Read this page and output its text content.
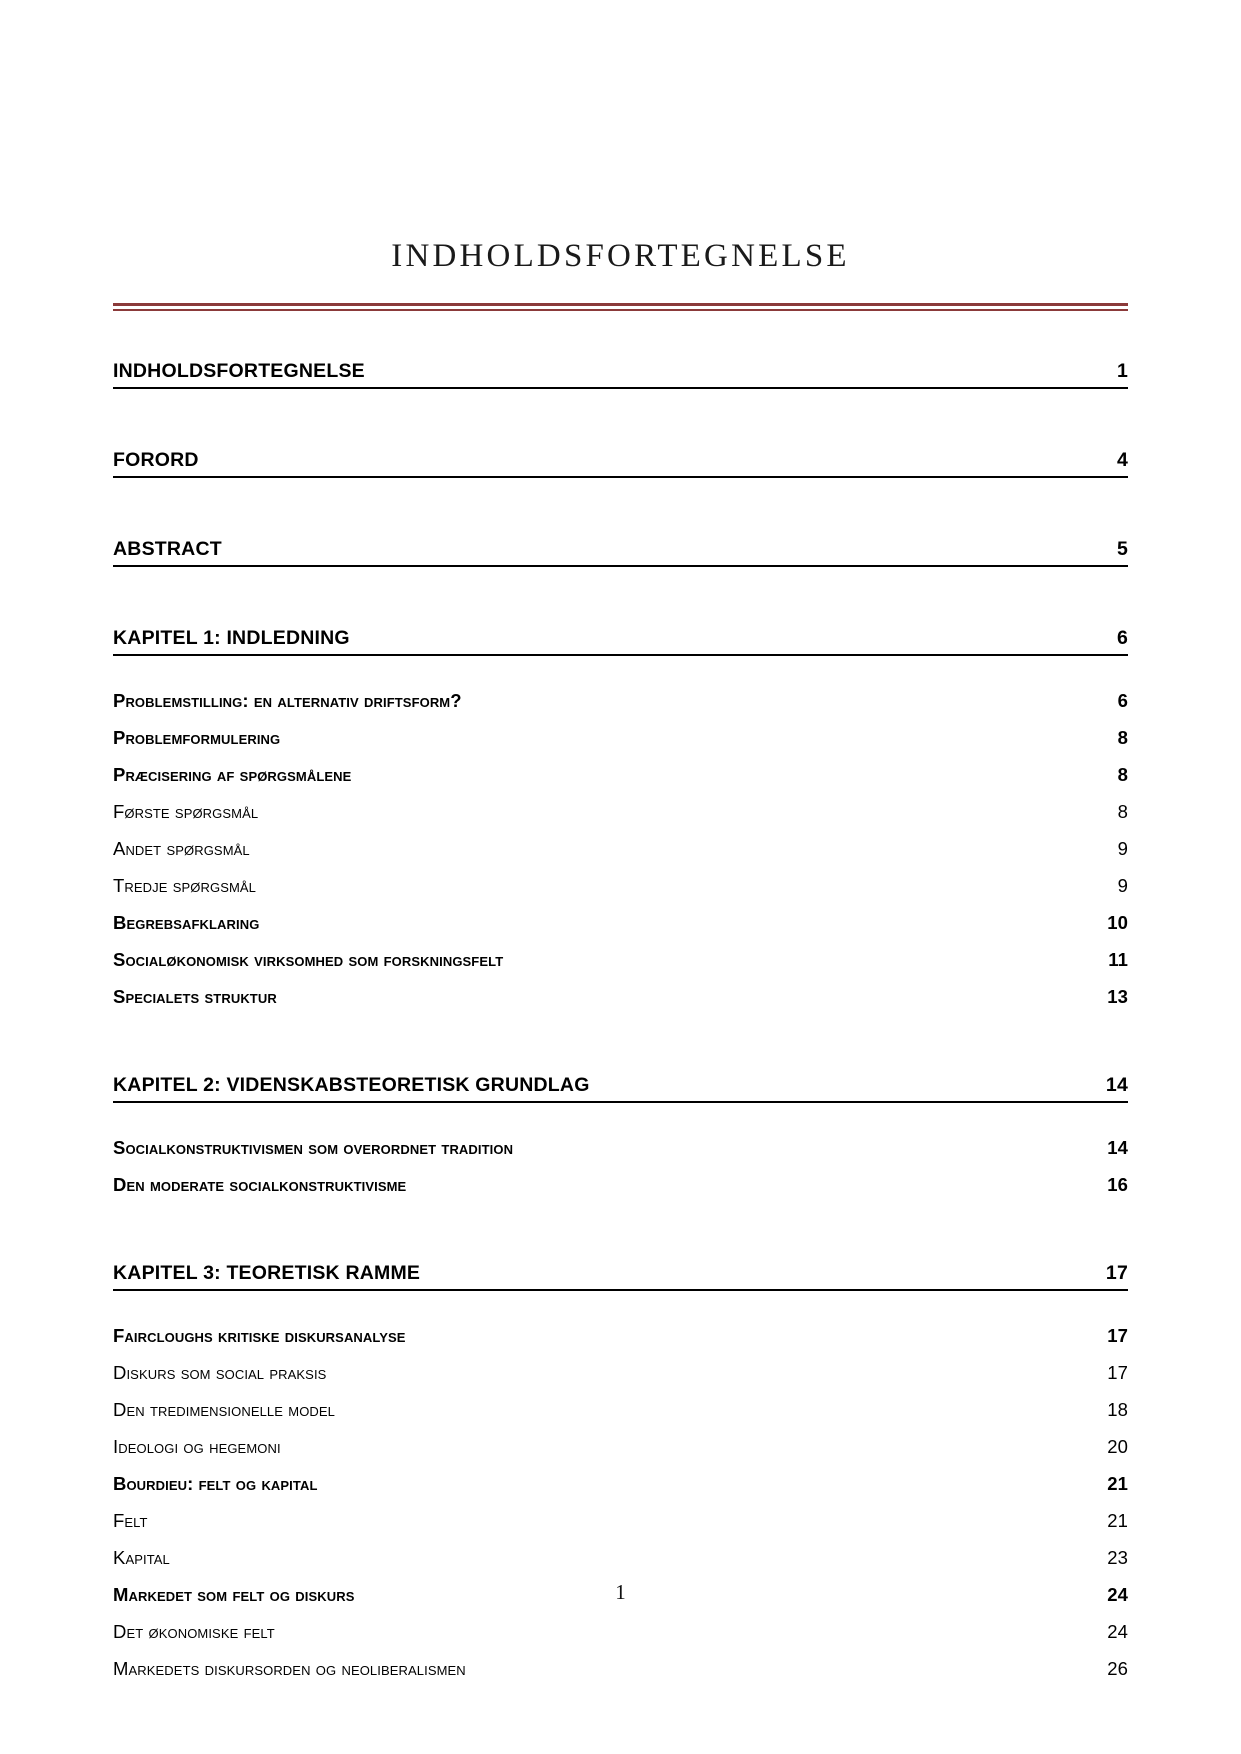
INDHOLDSFORTEGNELSE
INDHOLDSFORTEGNELSE	1
FORORD	4
ABSTRACT	5
KAPITEL 1: INDLEDNING	6
Problemstilling: en alternativ driftsform?	6
Problemformulering	8
Præcisering af spørgsmålene	8
Første spørgsmål	8
Andet spørgsmål	9
Tredje spørgsmål	9
Begrebsafklaring	10
Socialøkonomisk virksomhed som forskningsfelt	11
Specialets struktur	13
KAPITEL 2: VIDENSKABSTEORETISK GRUNDLAG	14
Socialkonstruktivismen som overordnet tradition	14
Den moderate socialkonstruktivisme	16
KAPITEL 3: TEORETISK RAMME	17
Faircloughs kritiske diskursanalyse	17
Diskurs som social praksis	17
Den tredimensionelle model	18
Ideologi og hegemoni	20
Bourdieu: felt og kapital	21
Felt	21
Kapital	23
Markedet som felt og diskurs	24
Det økonomiske felt	24
Markedets diskursorden og neoliberalismen	26
1
